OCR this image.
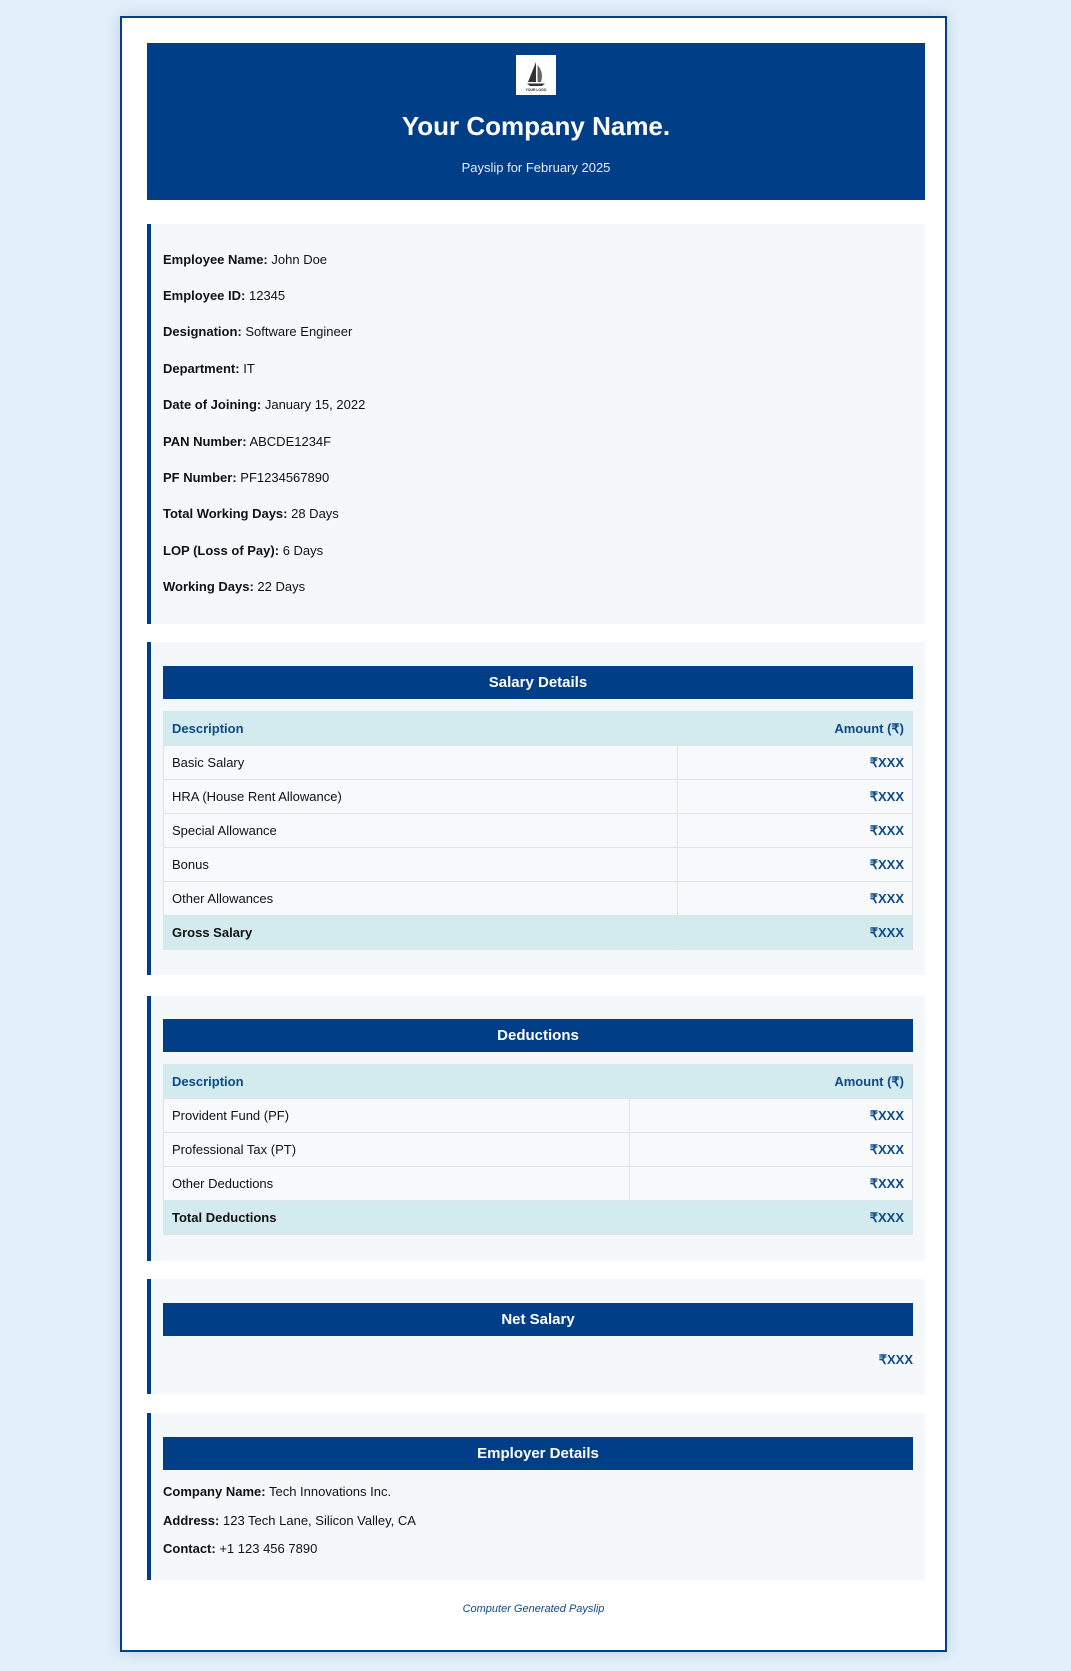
YOUR LOGO
Your Company Name.
Payslip for February 2025
Employee Name: John Doe
Employee ID: 12345
Designation: Software Engineer
Department: IT
Date of Joining: January 15, 2022
PAN Number: ABCDE1234F
PF Number: PF1234567890
Total Working Days: 28 Days
LOP (Loss of Pay): 6 Days
Working Days: 22 Days
Salary Details
Description	Amount (₹)
Basic Salary	₹XXX
HRA (House Rent Allowance)	₹XXX
Special Allowance	₹XXX
Bonus	₹XXX
Other Allowances	₹XXX
Gross Salary	₹XXX
Deductions
Description	Amount (₹)
Provident Fund (PF)	₹XXX
Professional Tax (PT)	₹XXX
Other Deductions	₹XXX
Total Deductions	₹XXX
Net Salary
₹XXX
Employer Details
Company Name: Tech Innovations Inc.
Address: 123 Tech Lane, Silicon Valley, CA
Contact: +1 123 456 7890
Computer Generated Payslip
